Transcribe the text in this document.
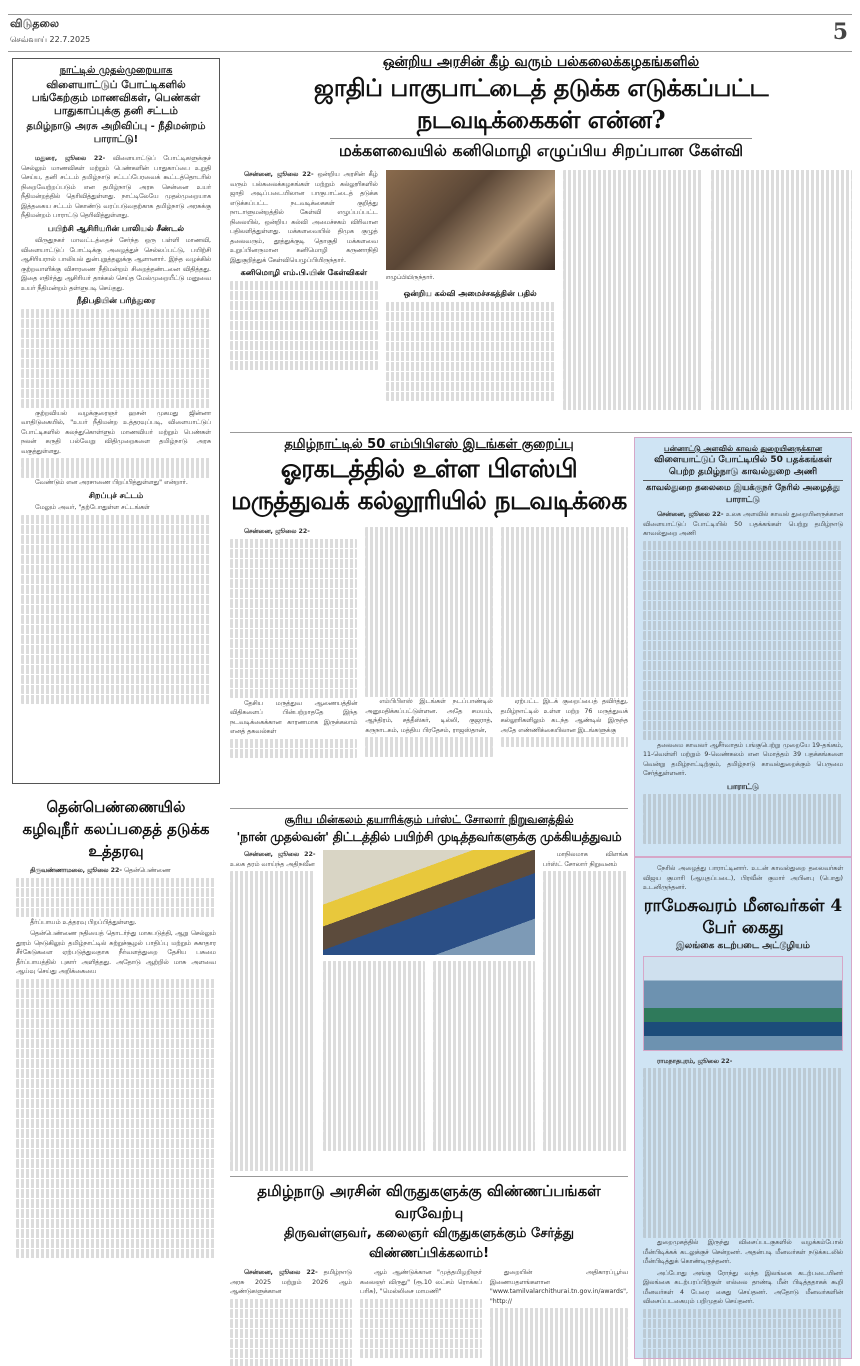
விடுதலை
செவ்வாய் 22.7.2025	5
நாட்டில் முதல்முறையாக
விளையாட்டுப் போட்டிகளில் பங்கேற்கும் மாணவிகள், பெண்கள் பாதுகாப்புக்கு தனி சட்டம்
தமிழ்நாடு அரசு அறிவிப்பு - நீதிமன்றம் பாராட்டு!

மதுரை, ஜூலை 22- விளையாட்டுப் போட்டிகளுக்குச் செல்லும் மாணவிகள் மற்றும் பெண்களின் பாதுகாப்பை உறுதி செய்ய, தனி சட்டம் தமிழ்நாடு சட்டப்பேரவைக் கூட்டத்தொடரில் நிறைவேற்றப்படும் என தமிழ்நாடு அரசு சென்னை உயர் நீதிமன்றத்தில் தெரிவித்துள்ளது. நாட்டிலேயே முதல்முறையாக இத்தகைய சட்டம் கொண்டு வரப்படுவதற்காக தமிழ்நாடு அரசுக்கு நீதிமன்றம் பாராட்டு தெரிவித்துள்ளது.

பயிற்சி ஆசிரியரின் பாலியல் சீண்டல்

விருதுநகர் மாவட்டத்தைச் சேர்ந்த ஒரு பள்ளி மாணவி, விளையாட்டுப் போட்டிக்கு அழைத்துச் செல்லப்பட்டு, பயிற்சி ஆசிரியரால் பாலியல் துன்புறுத்தலுக்கு ஆளானார். இந்த வழக்கில் குற்றவாளிக்கு விசாரணை நீதிமன்றம் சிறைத்தண்டனை விதித்தது. இதை எதிர்த்து ஆசிரியர் தாக்கல் செய்த மேல்முறையீட்டு மனுவை உயர் நீதிமன்றம் தள்ளுபடி செய்தது.

நீதிபதியின் பரிந்துரை

குற்றவியல் வழக்குரைஞர் ஹசன் முகமது ஜின்னா வாதிடுகையில், "உயர் நீதிமன்ற உத்தரவுப்படி, விளையாட்டுப் போட்டிகளில் கலந்துகொள்ளும் மாணவியர் மற்றும் பெண்கள் நலன் கருதி பல்வேறு விதிமுறைகளை தமிழ்நாடு அரசு வகுத்துள்ளது.

வேண்டும் என அரசாணை பிறப்பித்துள்ளது" என்றார்.

சிறப்புச் சட்டம்

மேலும் அவர், "தற்போதுள்ள சட்டங்கள்

தென்பெண்ணையில் கழிவுநீர் கலப்பதைத் தடுக்க உத்தரவு

திருவண்ணாமலை, ஜூலை 22- தென்பெண்ணை

தீர்ப்பாயம் உத்தரவு பிறப்பித்துள்ளது.

தென்பெண்ணை நதியைத் தொடர்ந்து மாசுபடுத்தி, ஆறு செல்லும் தூரம் நெடுகிலும் தமிழ்நாட்டில் சுற்றுச்சூழல் பாதிப்பு மற்றும் சுகாதார சீர்கேடுகளை ஏற்படுத்துவதாக நீர்வளத்துறை தேசிய பசுமை தீர்ப்பாயத்தில் புகார் அளித்தது. அதோடு ஆற்றில் மாசு அளவை ஆய்வு செய்து அறிக்கையை

ஒன்றிய அரசின் கீழ் வரும் பல்கலைக்கழகங்களில்
ஜாதிப் பாகுபாட்டைத் தடுக்க எடுக்கப்பட்ட நடவடிக்கைகள் என்ன?
மக்களவையில் கனிமொழி எழுப்பிய சிறப்பான கேள்வி

சென்னை, ஜூலை 22- ஒன்றிய அரசின் கீழ் வரும் பல்கலைக்கழகங்கள் மற்றும் கல்லூரிகளில் ஜாதி அடிப்படையிலான பாகுபாட்டைத் தடுக்க எடுக்கப்பட்ட நடவடிக்கைகள் குறித்து நாடாளுமன்றத்தில் கேள்வி எழுப்பப்பட்ட நிலையில், ஒன்றிய கல்வி அமைச்சகம் விரிவான பதிலளித்துள்ளது. மக்களவையில் திமுக குழுத் தலைவரும், தூத்துக்குடி தொகுதி மக்களவை உறுப்பினருமான கனிமொழி கருணாநிதி இதுகுறித்துக் கேள்வியெழுப்பியிருந்தார்.

கனிமொழி எம்.பி.யின் கேள்விகள்	எழுப்பியிருந்தார்.
ஒன்றிய கல்வி அமைச்சகத்தின் பதில்
தமிழ்நாட்டில் 50 எம்பிபிஎஸ் இடங்கள் குறைப்பு
ஓரகடத்தில் உள்ள பிஎஸ்பி மருத்துவக் கல்லூரியில் நடவடிக்கை

சென்னை, ஜூலை 22-

தேசிய மருத்துவ ஆணையத்தின் விதிகளைப் பின்பற்றாததே இந்த நடவடிக்கைக்கான காரணமாக இருக்கலாம் எனத் தகவல்கள்

எம்பிபிஎஸ் இடங்கள் நடப்பாண்டில் அனுமதிக்கப்பட்டுள்ளன. அதே சமயம், ஆந்திரம், சத்தீஸ்கர், டில்லி, குஜராத், கருநாடகம், மத்திய பிரதேசம், ராஜஸ்தான்,

ஏற்பட்ட இடக் குறைப்பைத் தவிர்த்து, தமிழ்நாட்டில் உள்ள மற்ற 76 மருத்துவக் கல்லூரிகளிலும் கடந்த ஆண்டில் இருந்த அதே எண்ணிக்கையிலான இடங்களுக்கு

சூரிய மின்கலம் தயாரிக்கும் பர்ஸ்ட் சோலார் நிறுவனத்தில்
'நான் முதல்வன்' திட்டத்தில் பயிற்சி முடித்தவர்களுக்கு முக்கியத்துவம்

சென்னை, ஜூலை 22- உலக தரம் வாய்ந்த அதிநவீன

மாநிலமாக விளங்க பர்ஸ்ட் சோலார் நிறுவனம்

தமிழ்நாடு அரசின் விருதுகளுக்கு விண்ணப்பங்கள் வரவேற்பு
திருவள்ளுவர், கலைஞர் விருதுகளுக்கும் சேர்த்து விண்ணப்பிக்கலாம்!

சென்னை, ஜூலை 22- தமிழ்நாடு அரசு 2025 மற்றும் 2026 ஆம் ஆண்டுகளுக்கான

ஆம் ஆண்டுக்கான "முத்தமிழறிஞர் கலைஞர் விருது" (ரூ.10 லட்சம் ரொக்கப் பரிசு), "மெல்லிசை மாமணி"

துறையின் அதிகாரப்பூர்வ இணையதளங்களான "www.tamilvalarchithurai.tn.gov.in/awards", "http://

பன்னாட்டு அளவில் காவல் துறையினருக்கான
விளையாட்டுப் போட்டியில் 50 பதக்கங்கள் பெற்ற தமிழ்நாடு காவல்துறை அணி
காவல்துறை தலைமை இயக்குநர் நேரில் அழைத்து பாராட்டு

சென்னை, ஜூலை 22- உலக அளவில் காவல் துறையினருக்கான விளையாட்டுப் போட்டியில் 50 பதக்கங்கள் பெற்று தமிழ்நாடு காவல்துறை அணி

தலைமை காவலர் ஆசீர்வாதம் பங்குபெற்று முறையே 19-தங்கம், 11-வெள்ளி மற்றும் 9-வெண்கலம் என மொத்தம் 39 பதக்கங்களை வென்று தமிழ்நாட்டிற்கும், தமிழ்நாடு காவல்துறைக்கும் பெருமை சேர்த்துள்ளனர்.

பாராட்டு

நேரில் அழைத்து பாராட்டினார். உடன் காவல்துறை தலைவர்கள் விஜய குமாரி (ஆயுதப்படை), பிரவீன் குமார் அபினபு (பொது) உடனிருந்தனர்.

ராமேசுவரம் மீனவர்கள் 4 பேர் கைது
இலங்கை கடற்படை அட்டூழியம்

ராமநாதபுரம், ஜூலை 22-

துறைமுகத்தில் இருந்து விசைப்படகுகளில் வழக்கம்போல் மீன்பிடிக்கக் கடலுக்குச் சென்றனர். அதன்படி மீனவர்கள் நடுக்கடலில் மீன்பிடித்துக் கொண்டிருந்தனர்.

அப்போது அங்கு ரோந்து வந்த இலங்கை கடற்படையினர் இலங்கை கடற்பரப்பிற்குள் எல்லை தாண்டி மீன் பிடித்ததாகக் கூறி மீனவர்கள் 4 பேரை கைது செய்தனர். அதோடு மீனவர்களின் விசைப்படகையும் பறிமுதல் செய்தனர்.
